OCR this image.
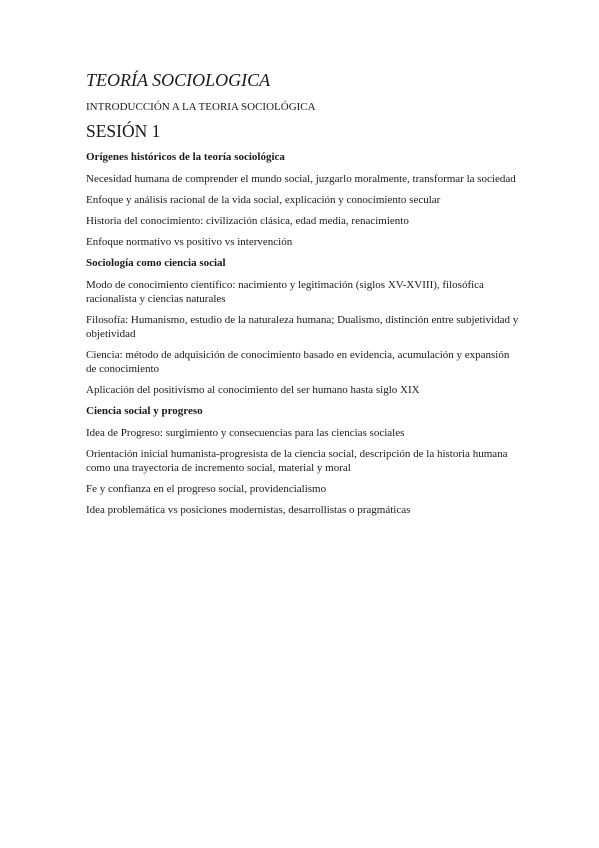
TEORÍA SOCIOLOGICA
INTRODUCCIÓN A LA TEORIA SOCIOLÓGICA
SESIÓN 1
Orígenes históricos de la teoría sociológica

Necesidad humana de comprender el mundo social, juzgarlo moralmente, transformar la sociedad

Enfoque y análisis racional de la vida social, explicación y conocimiento secular

Historia del conocimiento: civilización clásica, edad media, renacimiento

Enfoque normativo vs positivo vs intervención

Sociología como ciencia social

Modo de conocimiento científico: nacimiento y legitimación (siglos XV-XVIII), filosófica racionalista y ciencias naturales

Filosofía: Humanismo, estudio de la naturaleza humana; Dualismo, distinción entre subjetividad y objetividad

Ciencia: método de adquisición de conocimiento basado en evidencia, acumulación y expansión de conocimiento

Aplicación del positivismo al conocimiento del ser humano hasta siglo XIX

Ciencia social y progreso

Idea de Progreso: surgimiento y consecuencias para las ciencias sociales

Orientación inicial humanista-progresista de la ciencia social, descripción de la historia humana como una trayectoria de incremento social, material y moral

Fe y confianza en el progreso social, providencialismo

Idea problemática vs posiciones modernistas, desarrollistas o pragmáticas
